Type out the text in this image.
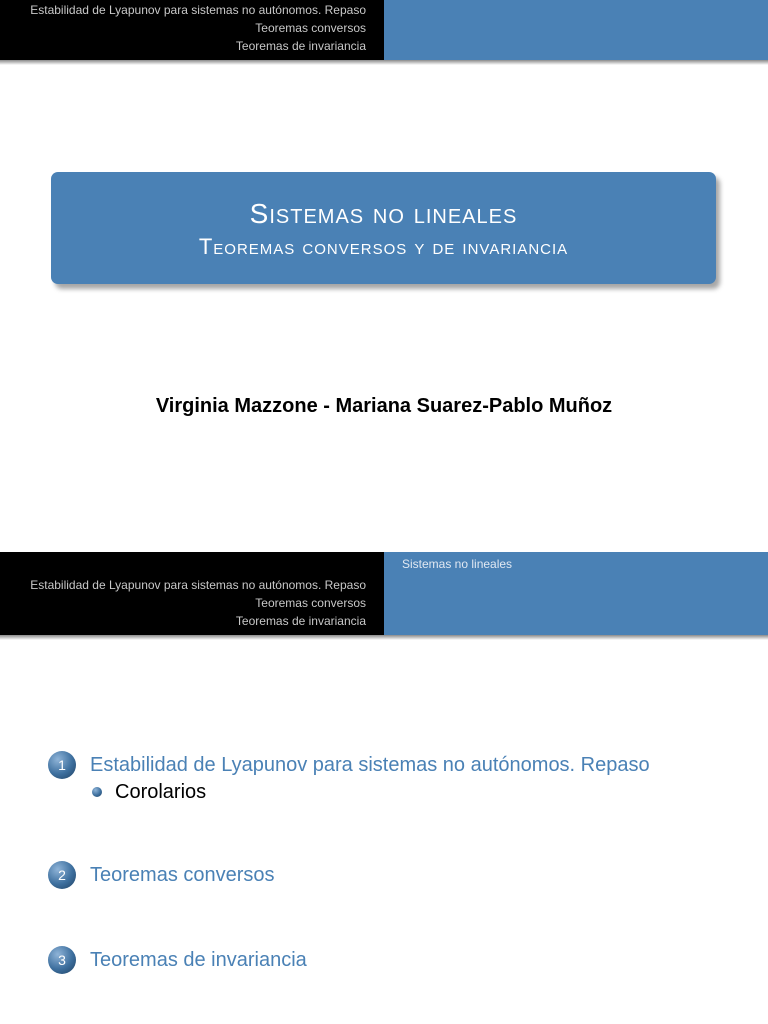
Estabilidad de Lyapunov para sistemas no autónomos. Repaso
Teoremas conversos
Teoremas de invariancia
Sistemas no lineales
Teoremas conversos y de invariancia
Virginia Mazzone - Mariana Suarez-Pablo Muñoz
Estabilidad de Lyapunov para sistemas no autónomos. Repaso
Teoremas conversos
Teoremas de invariancia
Sistemas no lineales
1	Estabilidad de Lyapunov para sistemas no autónomos. Repaso
Corolarios
2	Teoremas conversos
3	Teoremas de invariancia
